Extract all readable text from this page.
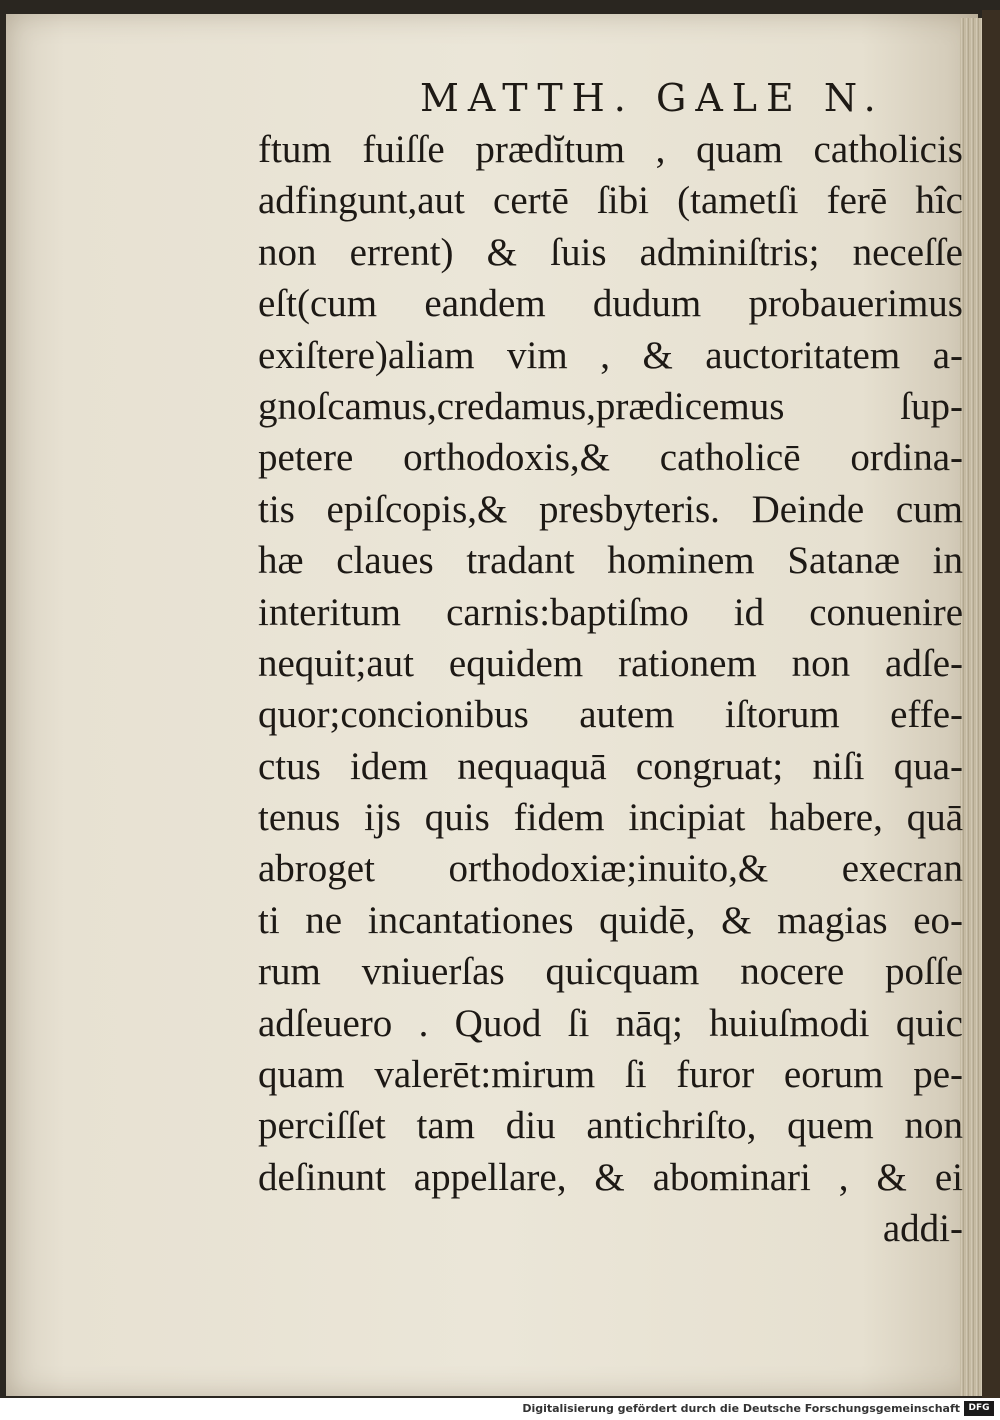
MATTH. GALE N.
ftum fuiſſe prædĭtum , quam catholicis
adfingunt,aut certē ſibi (tametſi ferē hîc
non errent) & ſuis adminiſtris; neceſſe
eſt(cum eandem dudum probauerimus
exiſtere)aliam vim , & auctoritatem a-
gnoſcamus,credamus,prædicemus ſup-
petere orthodoxis,& catholicē ordina-
tis epiſcopis,& presbyteris. Deinde cum
hæ claues tradant hominem Satanæ in
interitum carnis:baptiſmo id conuenire
nequit;aut equidem rationem non adſe-
quor;concionibus autem iſtorum effe-
ctus idem nequaquā congruat; niſi qua-
tenus ijs quis fidem incipiat habere, quā
abroget orthodoxiæ;inuito,& execran
ti ne incantationes quidē, & magias eo-
rum vniuerſas quicquam nocere poſſe
adſeuero . Quod ſi nāq; huiuſmodi quic
quam valerēt:mirum ſi furor eorum pe-
perciſſet tam diu antichriſto, quem non
deſinunt appellare, & abominari , & ei
addi-
Digitalisierung gefördert durch die Deutsche Forschungsgemeinschaft DFG
